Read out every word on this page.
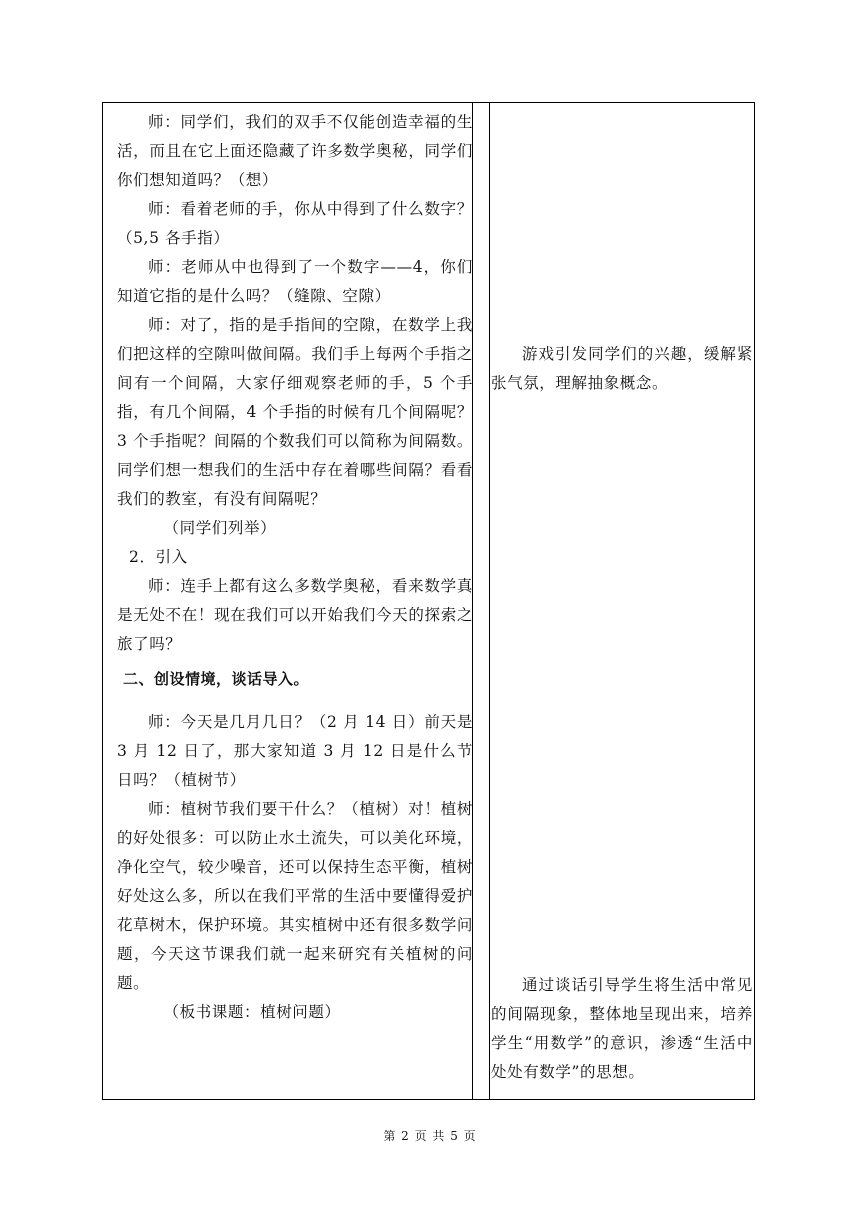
师：同学们，我们的双手不仅能创造幸福的生活，而且在它上面还隐藏了许多数学奥秘，同学们你们想知道吗？（想）

师：看着老师的手，你从中得到了什么数字？（5,5 各手指）

师：老师从中也得到了一个数字——4，你们知道它指的是什么吗？（缝隙、空隙）

师：对了，指的是手指间的空隙，在数学上我们把这样的空隙叫做间隔。我们手上每两个手指之间有一个间隔，大家仔细观察老师的手，5 个手指，有几个间隔，4 个手指的时候有几个间隔呢？3 个手指呢？间隔的个数我们可以简称为间隔数。同学们想一想我们的生活中存在着哪些间隔？看看我们的教室，有没有间隔呢？

（同学们列举）

2．引入

师：连手上都有这么多数学奥秘，看来数学真是无处不在！现在我们可以开始我们今天的探索之旅了吗？

二、创设情境，谈话导入。

师：今天是几月几日？（2 月 14 日）前天是 3 月 12 日了，那大家知道 3 月 12 日是什么节日吗？（植树节）

师：植树节我们要干什么？（植树）对！植树的好处很多：可以防止水土流失，可以美化环境，净化空气，较少噪音，还可以保持生态平衡，植树好处这么多，所以在我们平常的生活中要懂得爱护花草树木，保护环境。其实植树中还有很多数学问题，今天这节课我们就一起来研究有关植树的问题。

（板书课题：植树问题）

游戏引发同学们的兴趣，缓解紧张气氛，理解抽象概念。

通过谈话引导学生将生活中常见的间隔现象，整体地呈现出来，培养学生“用数学”的意识，渗透“生活中处处有数学”的思想。

第 2 页 共 5 页
